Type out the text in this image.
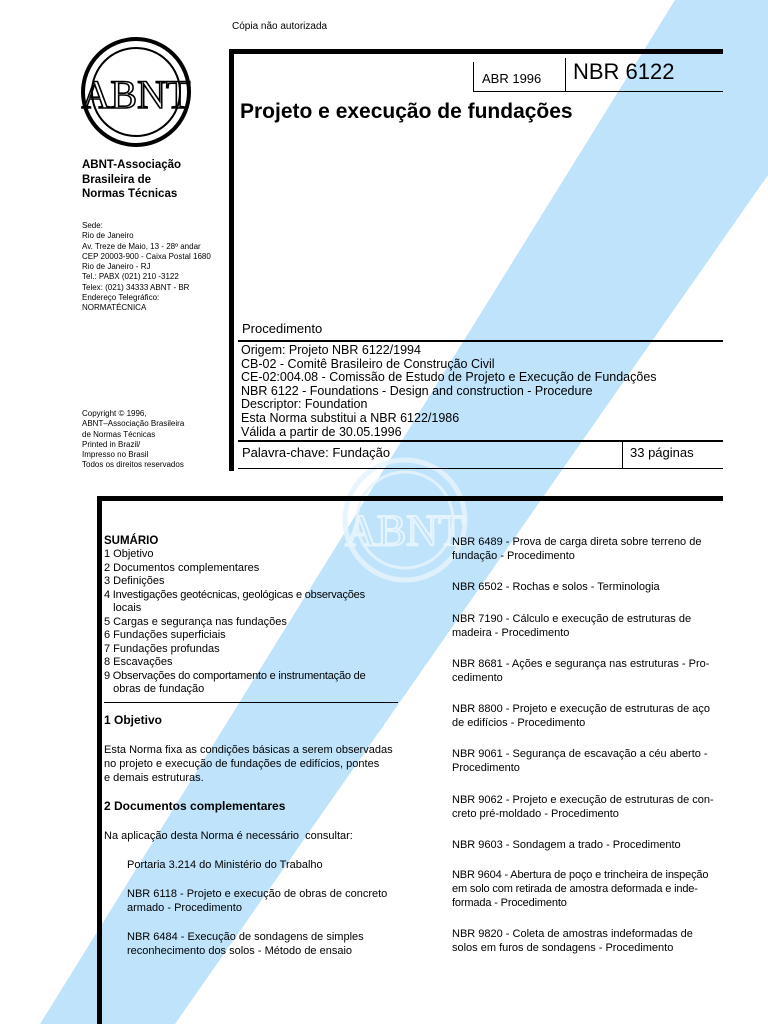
ABNT
Cópia não autorizada
ABNT
ABNT-Associação
Brasileira de
Normas Técnicas
Sede:
Rio de Janeiro
Av. Treze de Maio, 13 - 28º andar
CEP 20003-900 - Caixa Postal 1680
Rio de Janeiro - RJ
Tel.: PABX (021) 210 -3122
Telex: (021) 34333 ABNT - BR
Endereço Telegráfico:
NORMATÉCNICA
Copyright © 1996,
ABNT–Associação Brasileira
de Normas Técnicas
Printed in Brazil/
Impresso no Brasil
Todos os direitos reservados
ABR 1996 NBR 6122
Projeto e execução de fundações
Procedimento
Origem: Projeto NBR 6122/1994
CB-02 - Comitê Brasileiro de Construção Civil
CE-02:004.08 - Comissão de Estudo de Projeto e Execução de Fundações
NBR 6122 - Foundations - Design and construction - Procedure
Descriptor: Foundation
Esta Norma substitui a NBR 6122/1986
Válida a partir de 30.05.1996
Palavra-chave: Fundação	33 páginas
SUMÁRIO
1 Objetivo
2 Documentos complementares
3 Definições
4 Investigações geotécnicas, geológicas e observações
locais
5 Cargas e segurança nas fundações
6 Fundações superficiais
7 Fundações profundas
8 Escavações
9 Observações do comportamento e instrumentação de
obras de fundação
1 Objetivo
Esta Norma fixa as condições básicas a serem observadas
no projeto e execução de fundações de edifícios, pontes
e demais estruturas.
2 Documentos complementares
Na aplicação desta Norma é necessário  consultar:
Portaria 3.214 do Ministério do Trabalho
NBR 6118 - Projeto e execução de obras de concreto
armado - Procedimento
NBR 6484 - Execução de sondagens de simples
reconhecimento dos solos - Método de ensaio
NBR 6489 - Prova de carga direta sobre terreno de
fundação - Procedimento
NBR 6502 - Rochas e solos - Terminologia
NBR 7190 - Cálculo e execução de estruturas de
madeira - Procedimento
NBR 8681 - Ações e segurança nas estruturas - Pro-
cedimento
NBR 8800 - Projeto e execução de estruturas de aço
de edifícios - Procedimento
NBR 9061 - Segurança de escavação a céu aberto -
Procedimento
NBR 9062 - Projeto e execução de estruturas de con-
creto pré-moldado - Procedimento
NBR 9603 - Sondagem a trado - Procedimento
NBR 9604 - Abertura de poço e trincheira de inspeção
em solo com retirada de amostra deformada e inde-
formada - Procedimento
NBR 9820 - Coleta de amostras indeformadas de
solos em furos de sondagens - Procedimento
